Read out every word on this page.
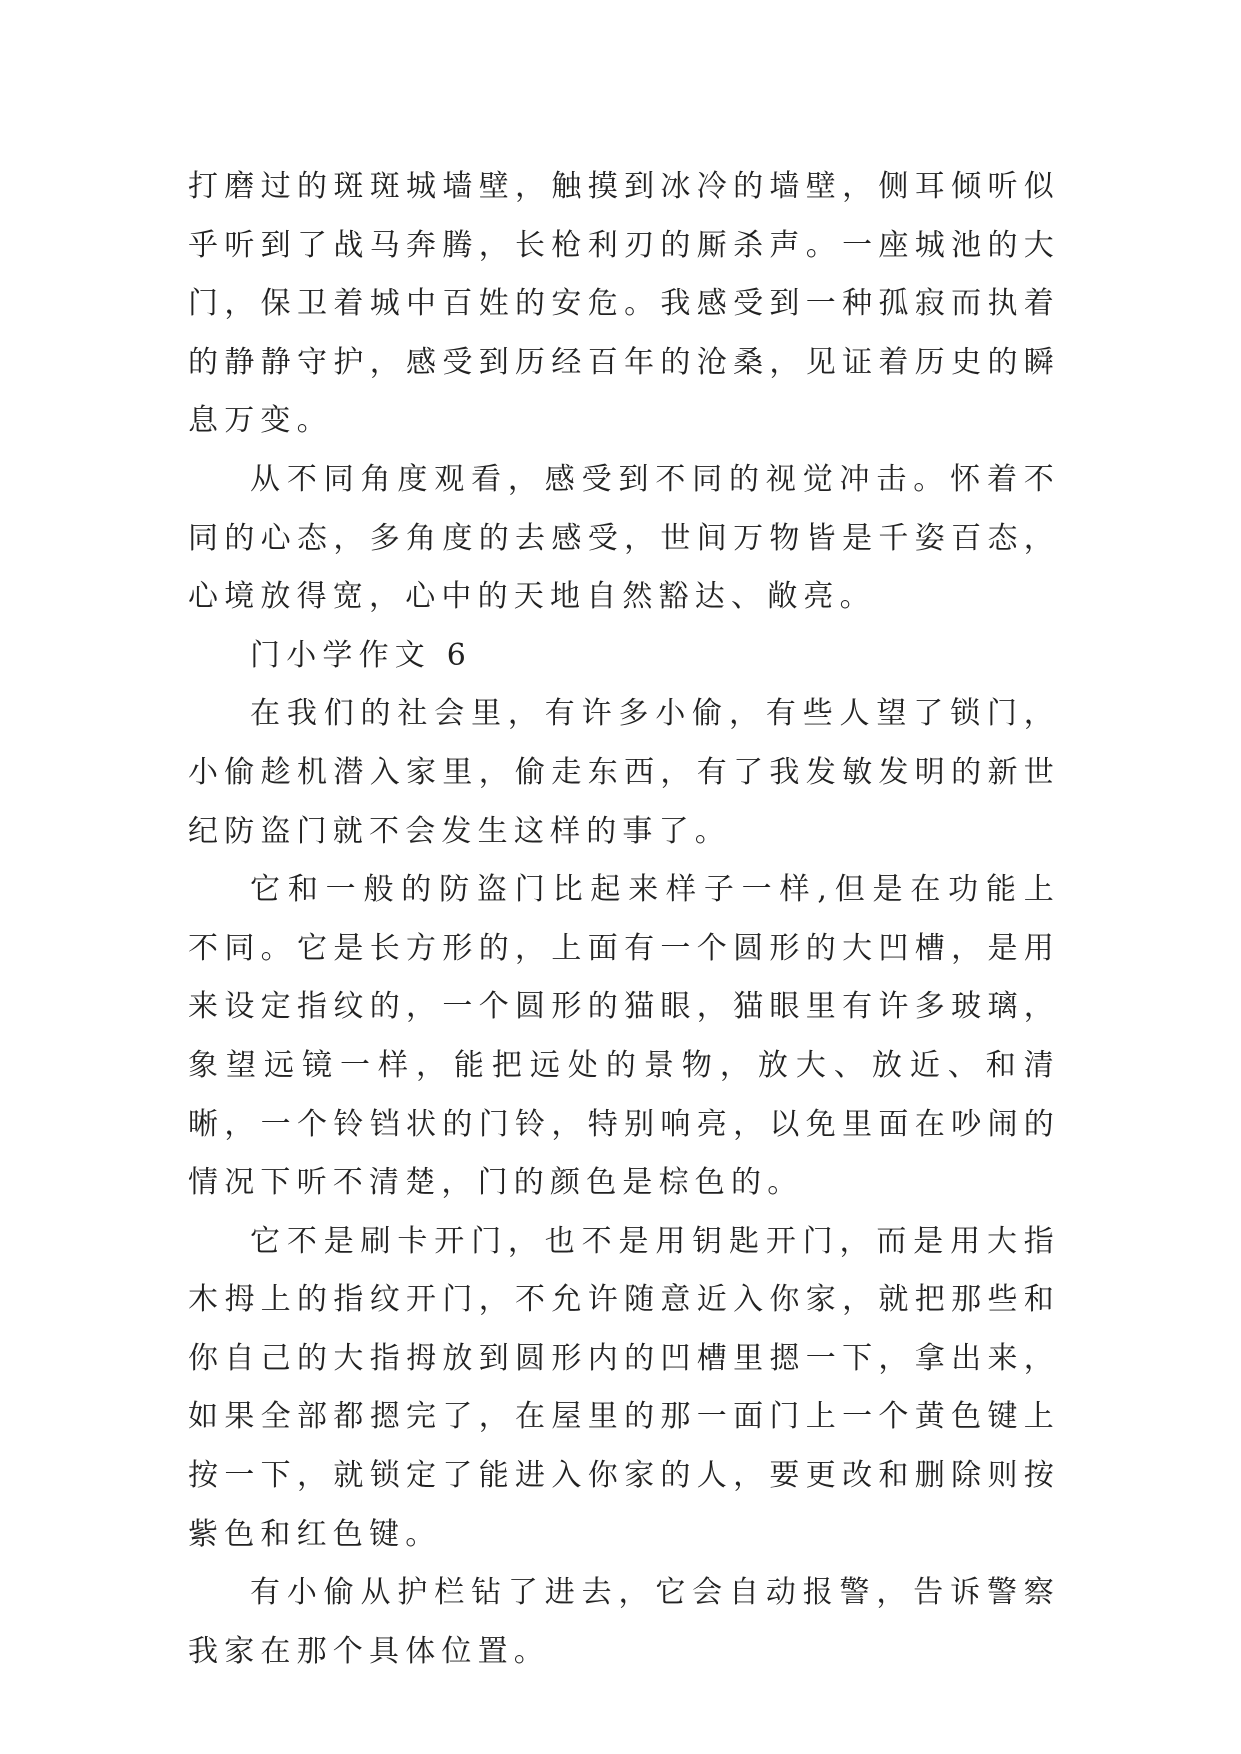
打磨过的斑斑城墙壁，触摸到冰冷的墙壁，侧耳倾听似乎听到了战马奔腾，长枪利刃的厮杀声。一座城池的大门，保卫着城中百姓的安危。我感受到一种孤寂而执着的静静守护，感受到历经百年的沧桑，见证着历史的瞬息万变。

从不同角度观看，感受到不同的视觉冲击。怀着不同的心态，多角度的去感受，世间万物皆是千姿百态，心境放得宽，心中的天地自然豁达、敞亮。

门小学作文 6

在我们的社会里，有许多小偷，有些人望了锁门，小偷趁机潜入家里，偷走东西，有了我发敏发明的新世纪防盗门就不会发生这样的事了。

它和一般的防盗门比起来样子一样,但是在功能上不同。它是长方形的，上面有一个圆形的大凹槽，是用来设定指纹的，一个圆形的猫眼，猫眼里有许多玻璃，象望远镜一样，能把远处的景物，放大、放近、和清晰，一个铃铛状的门铃，特别响亮，以免里面在吵闹的情况下听不清楚，门的颜色是棕色的。

它不是刷卡开门，也不是用钥匙开门，而是用大指木拇上的指纹开门，不允许随意近入你家，就把那些和你自己的大指拇放到圆形内的凹槽里摁一下，拿出来，如果全部都摁完了，在屋里的那一面门上一个黄色键上按一下，就锁定了能进入你家的人，要更改和删除则按紫色和红色键。

有小偷从护栏钻了进去，它会自动报警，告诉警察我家在那个具体位置。
